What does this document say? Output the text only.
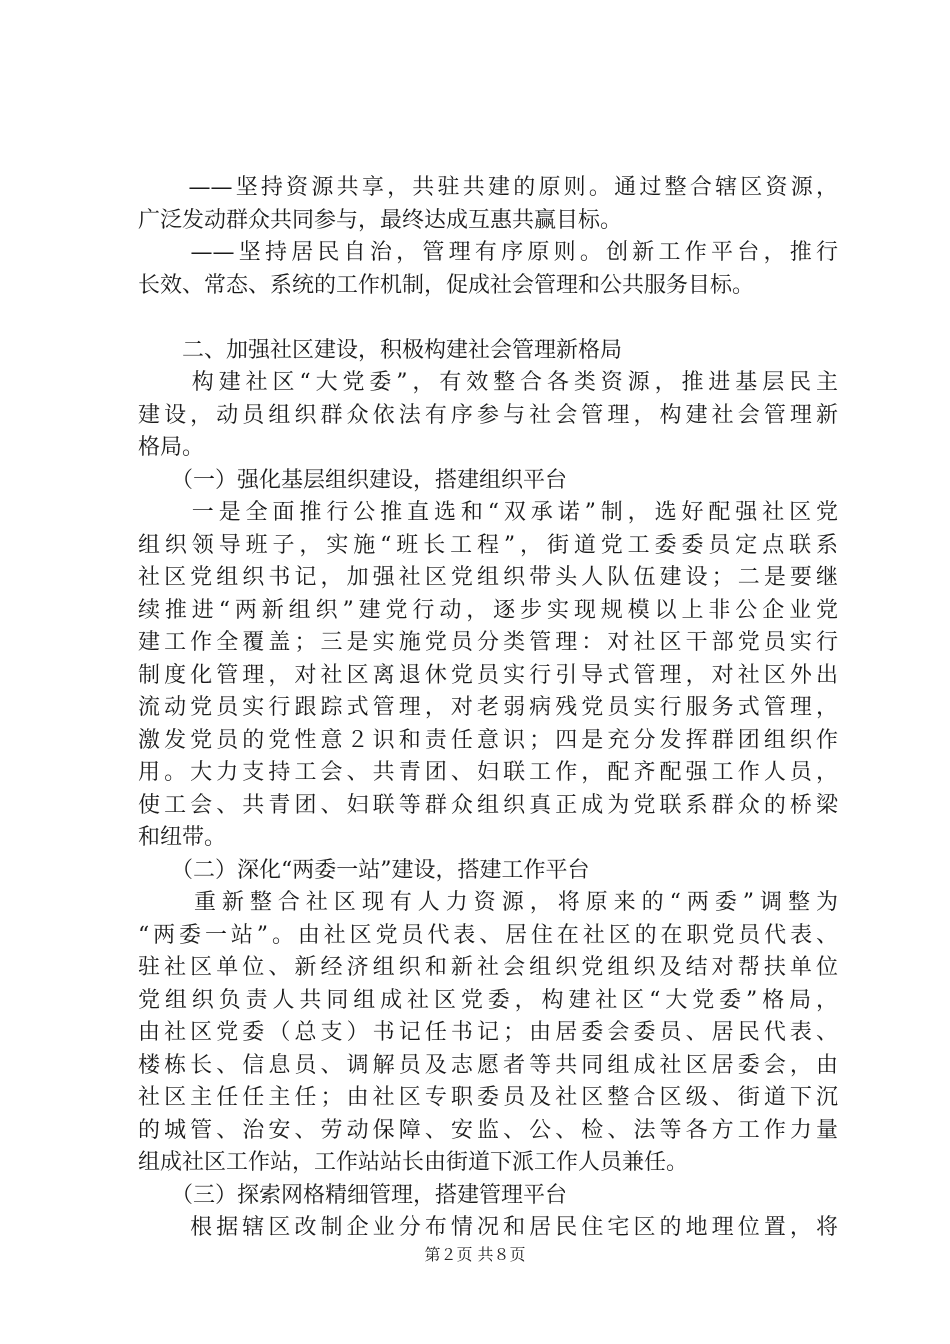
　　——坚持资源共享，共驻共建的原则。通过整合辖区资源，
广泛发动群众共同参与，最终达成互惠共赢目标。
　　——坚持居民自治，管理有序原则。创新工作平台，推行
长效、常态、系统的工作机制，促成社会管理和公共服务目标。
　　二、加强社区建设，积极构建社会管理新格局
　　构建社区“大党委”，有效整合各类资源，推进基层民主
建设，动员组织群众依法有序参与社会管理，构建社会管理新
格局。
　　（一）强化基层组织建设，搭建组织平台
　　一是全面推行公推直选和“双承诺”制，选好配强社区党
组织领导班子，实施“班长工程”，街道党工委委员定点联系
社区党组织书记，加强社区党组织带头人队伍建设；二是要继
续推进“两新组织”建党行动，逐步实现规模以上非公企业党
建工作全覆盖；三是实施党员分类管理：对社区干部党员实行
制度化管理，对社区离退休党员实行引导式管理，对社区外出
流动党员实行跟踪式管理，对老弱病残党员实行服务式管理，
激发党员的党性意２识和责任意识；四是充分发挥群团组织作
用。大力支持工会、共青团、妇联工作，配齐配强工作人员，
使工会、共青团、妇联等群众组织真正成为党联系群众的桥梁
和纽带。
　　（二）深化“两委一站”建设，搭建工作平台
　　重新整合社区现有人力资源，将原来的“两委”调整为
“两委一站”。由社区党员代表、居住在社区的在职党员代表、
驻社区单位、新经济组织和新社会组织党组织及结对帮扶单位
党组织负责人共同组成社区党委，构建社区“大党委”格局，
由社区党委（总支）书记任书记；由居委会委员、居民代表、
楼栋长、信息员、调解员及志愿者等共同组成社区居委会，由
社区主任任主任；由社区专职委员及社区整合区级、街道下沉
的城管、治安、劳动保障、安监、公、检、法等各方工作力量
组成社区工作站，工作站站长由街道下派工作人员兼任。
　　（三）探索网格精细管理，搭建管理平台
　　根据辖区改制企业分布情况和居民住宅区的地理位置，将
第２页 共８页
